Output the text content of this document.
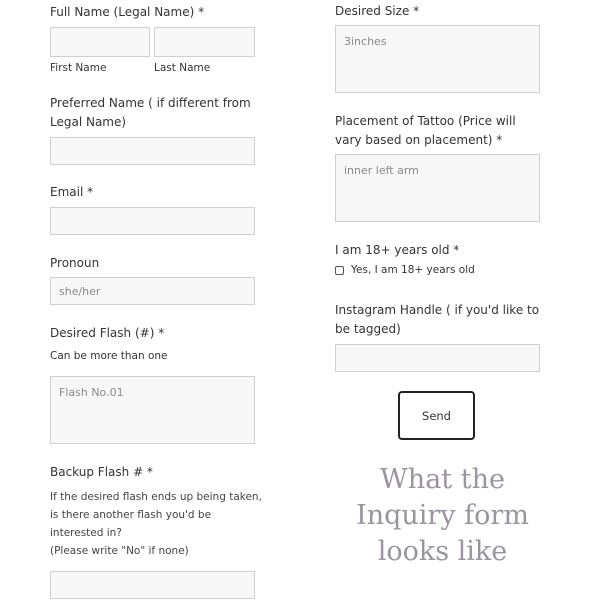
Full Name (Legal Name) *
First Name	Last Name
Preferred Name ( if different from Legal Name)
Email *
Pronoun
she/her
Desired Flash (#) *
Can be more than one
Flash No.01
Backup Flash # *
If the desired flash ends up being taken,
is there another flash you'd be
interested in?
(Please write "No" if none)
Desired Size *
3inches
Placement of Tattoo (Price will vary based on placement) *
inner left arm
I am 18+ years old *
Yes, I am 18+ years old
Instagram Handle ( if you'd like to be tagged)
Send
What the
Inquiry form
looks like
